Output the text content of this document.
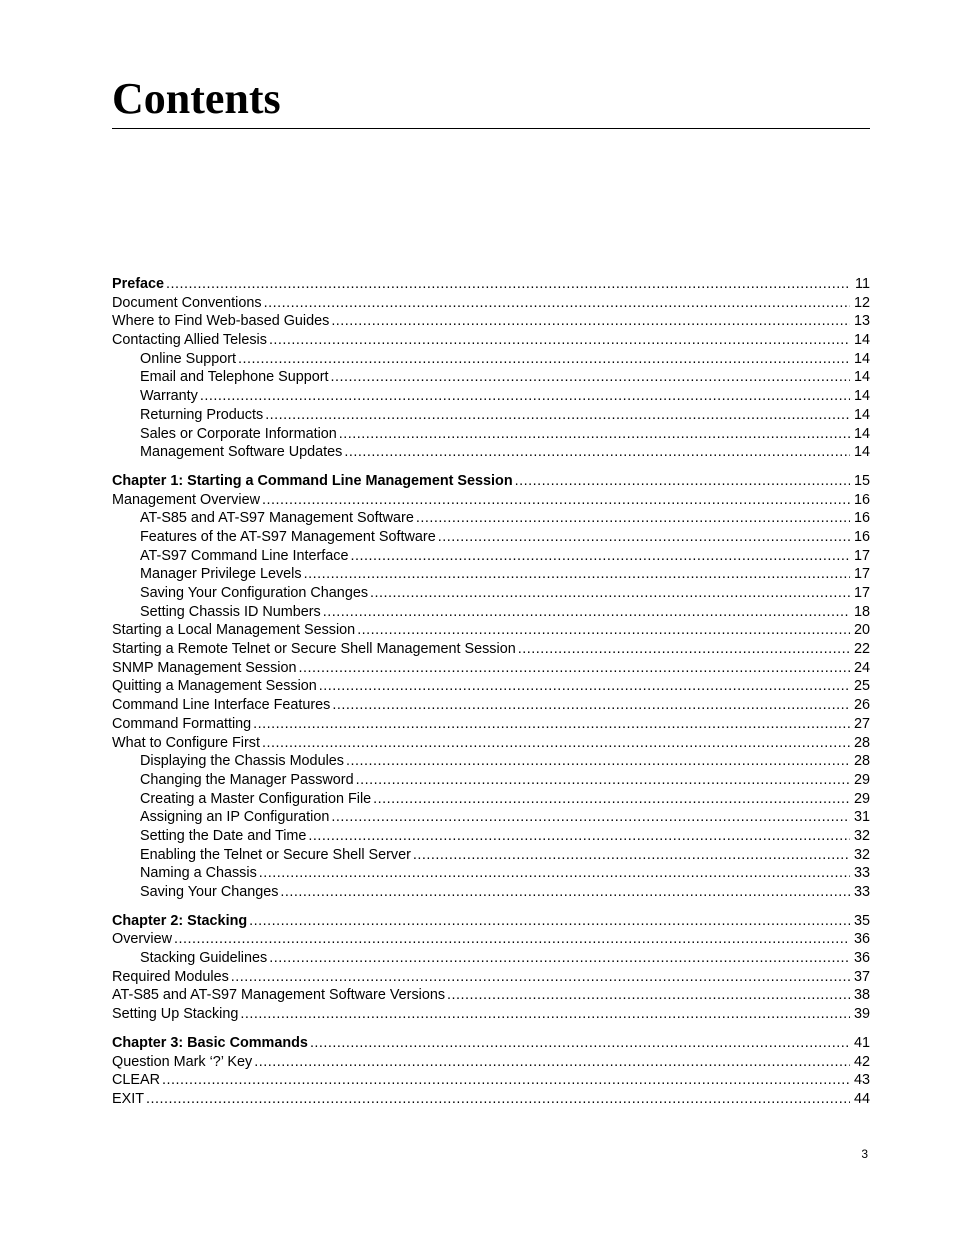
Contents
Preface .....	11
Document Conventions .....	12
Where to Find Web-based Guides .....	13
Contacting Allied Telesis .....	14
Online Support .....	14
Email and Telephone Support .....	14
Warranty .....	14
Returning Products .....	14
Sales or Corporate Information .....	14
Management Software Updates .....	14
Chapter 1: Starting a Command Line Management Session .....	15
Management Overview .....	16
AT-S85 and AT-S97 Management Software .....	16
Features of the AT-S97 Management Software .....	16
AT-S97 Command Line Interface .....	17
Manager Privilege Levels .....	17
Saving Your Configuration Changes .....	17
Setting Chassis ID Numbers .....	18
Starting a Local Management Session .....	20
Starting a Remote Telnet or Secure Shell Management Session .....	22
SNMP Management Session .....	24
Quitting a Management Session .....	25
Command Line Interface Features .....	26
Command Formatting .....	27
What to Configure First .....	28
Displaying the Chassis Modules .....	28
Changing the Manager Password .....	29
Creating a Master Configuration File .....	29
Assigning an IP Configuration .....	31
Setting the Date and Time .....	32
Enabling the Telnet or Secure Shell Server .....	32
Naming a Chassis .....	33
Saving Your Changes .....	33
Chapter 2: Stacking .....	35
Overview .....	36
Stacking Guidelines .....	36
Required Modules .....	37
AT-S85 and AT-S97 Management Software Versions .....	38
Setting Up Stacking .....	39
Chapter 3: Basic Commands .....	41
Question Mark ‘?’ Key .....	42
CLEAR .....	43
EXIT .....	44
3
